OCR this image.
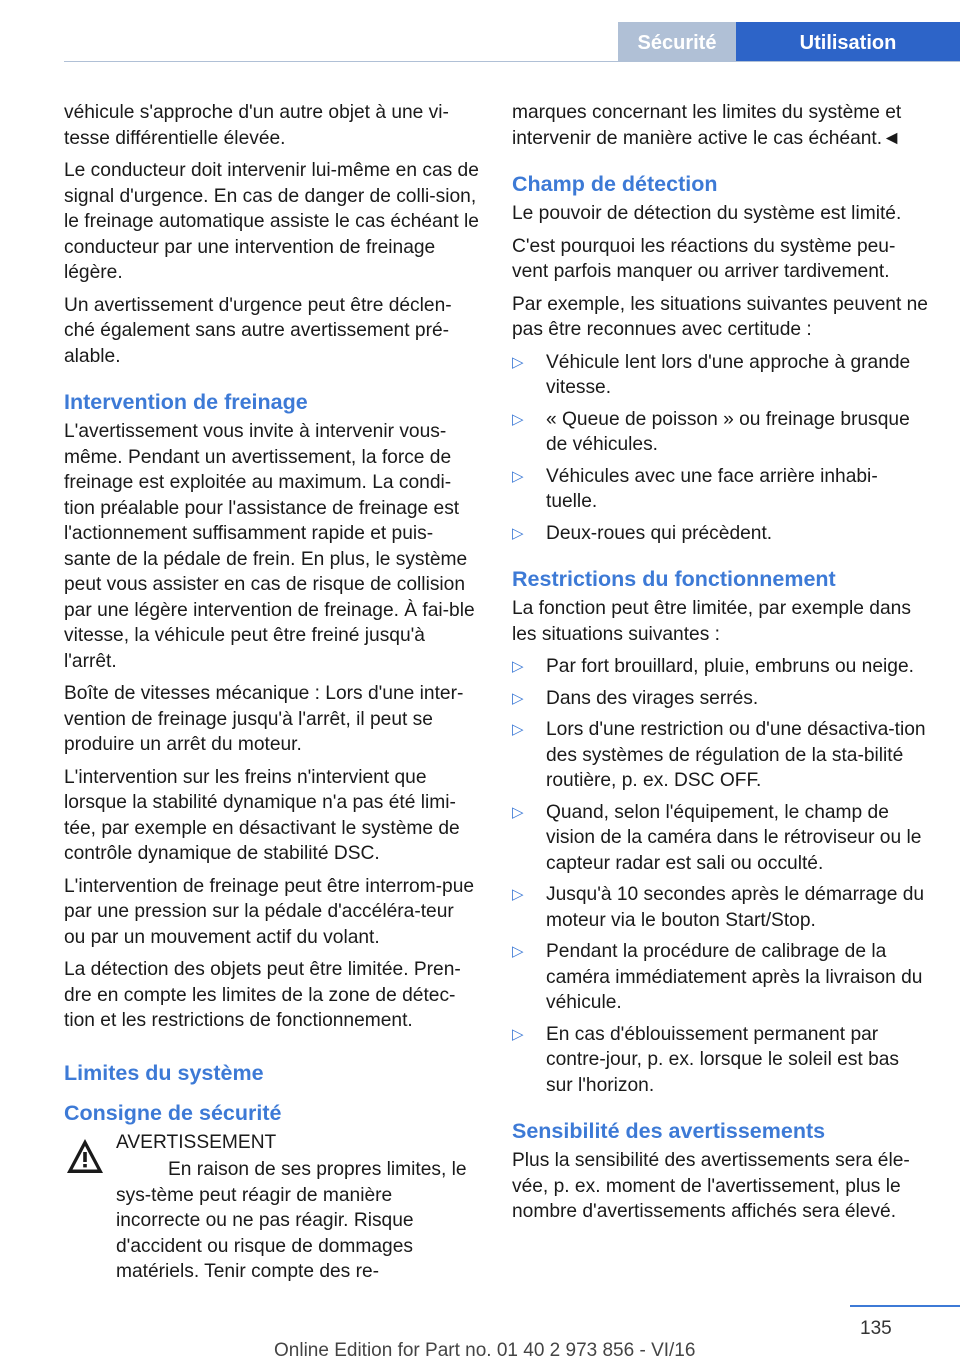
Sécurité	Utilisation

véhicule s'approche d'un autre objet à une vi-tesse différentielle élevée.

Le conducteur doit intervenir lui-même en cas de signal d'urgence. En cas de danger de colli-sion, le freinage automatique assiste le cas échéant le conducteur par une intervention de freinage légère.

Un avertissement d'urgence peut être déclen-ché également sans autre avertissement pré-alable.

Intervention de freinage

L'avertissement vous invite à intervenir vous-même. Pendant un avertissement, la force de freinage est exploitée au maximum. La condi-tion préalable pour l'assistance de freinage est l'actionnement suffisamment rapide et puis-sante de la pédale de frein. En plus, le système peut vous assister en cas de risque de collision par une légère intervention de freinage. À fai-ble vitesse, la véhicule peut être freiné jusqu'à l'arrêt.

Boîte de vitesses mécanique : Lors d'une inter-vention de freinage jusqu'à l'arrêt, il peut se produire un arrêt du moteur.

L'intervention sur les freins n'intervient que lorsque la stabilité dynamique n'a pas été limi-tée, par exemple en désactivant le système de contrôle dynamique de stabilité DSC.

L'intervention de freinage peut être interrom-pue par une pression sur la pédale d'accéléra-teur ou par un mouvement actif du volant.

La détection des objets peut être limitée. Pren-dre en compte les limites de la zone de détec-tion et les restrictions de fonctionnement.

Limites du système
Consigne de sécurité

AVERTISSEMENT

En raison de ses propres limites, le sys-tème peut réagir de manière incorrecte ou ne pas réagir. Risque d'accident ou risque de dommages matériels. Tenir compte des re-

marques concernant les limites du système et intervenir de manière active le cas échéant.◄

Champ de détection

Le pouvoir de détection du système est limité.

C'est pourquoi les réactions du système peu-vent parfois manquer ou arriver tardivement.

Par exemple, les situations suivantes peuvent ne pas être reconnues avec certitude :

▷	Véhicule lent lors d'une approche à grande vitesse.
▷	« Queue de poisson » ou freinage brusque de véhicules.
▷	Véhicules avec une face arrière inhabi-tuelle.
▷	Deux-roues qui précèdent.
Restrictions du fonctionnement

La fonction peut être limitée, par exemple dans les situations suivantes :

▷	Par fort brouillard, pluie, embruns ou neige.
▷	Dans des virages serrés.
▷	Lors d'une restriction ou d'une désactiva-tion des systèmes de régulation de la sta-bilité routière, p. ex. DSC OFF.
▷	Quand, selon l'équipement, le champ de vision de la caméra dans le rétroviseur ou le capteur radar est sali ou occulté.
▷	Jusqu'à 10 secondes après le démarrage du moteur via le bouton Start/Stop.
▷	Pendant la procédure de calibrage de la caméra immédiatement après la livraison du véhicule.
▷	En cas d'éblouissement permanent par contre-jour, p. ex. lorsque le soleil est bas sur l'horizon.
Sensibilité des avertissements

Plus la sensibilité des avertissements sera éle-vée, p. ex. moment de l'avertissement, plus le nombre d'avertissements affichés sera élevé.

135
Online Edition for Part no. 01 40 2 973 856 - VI/16
